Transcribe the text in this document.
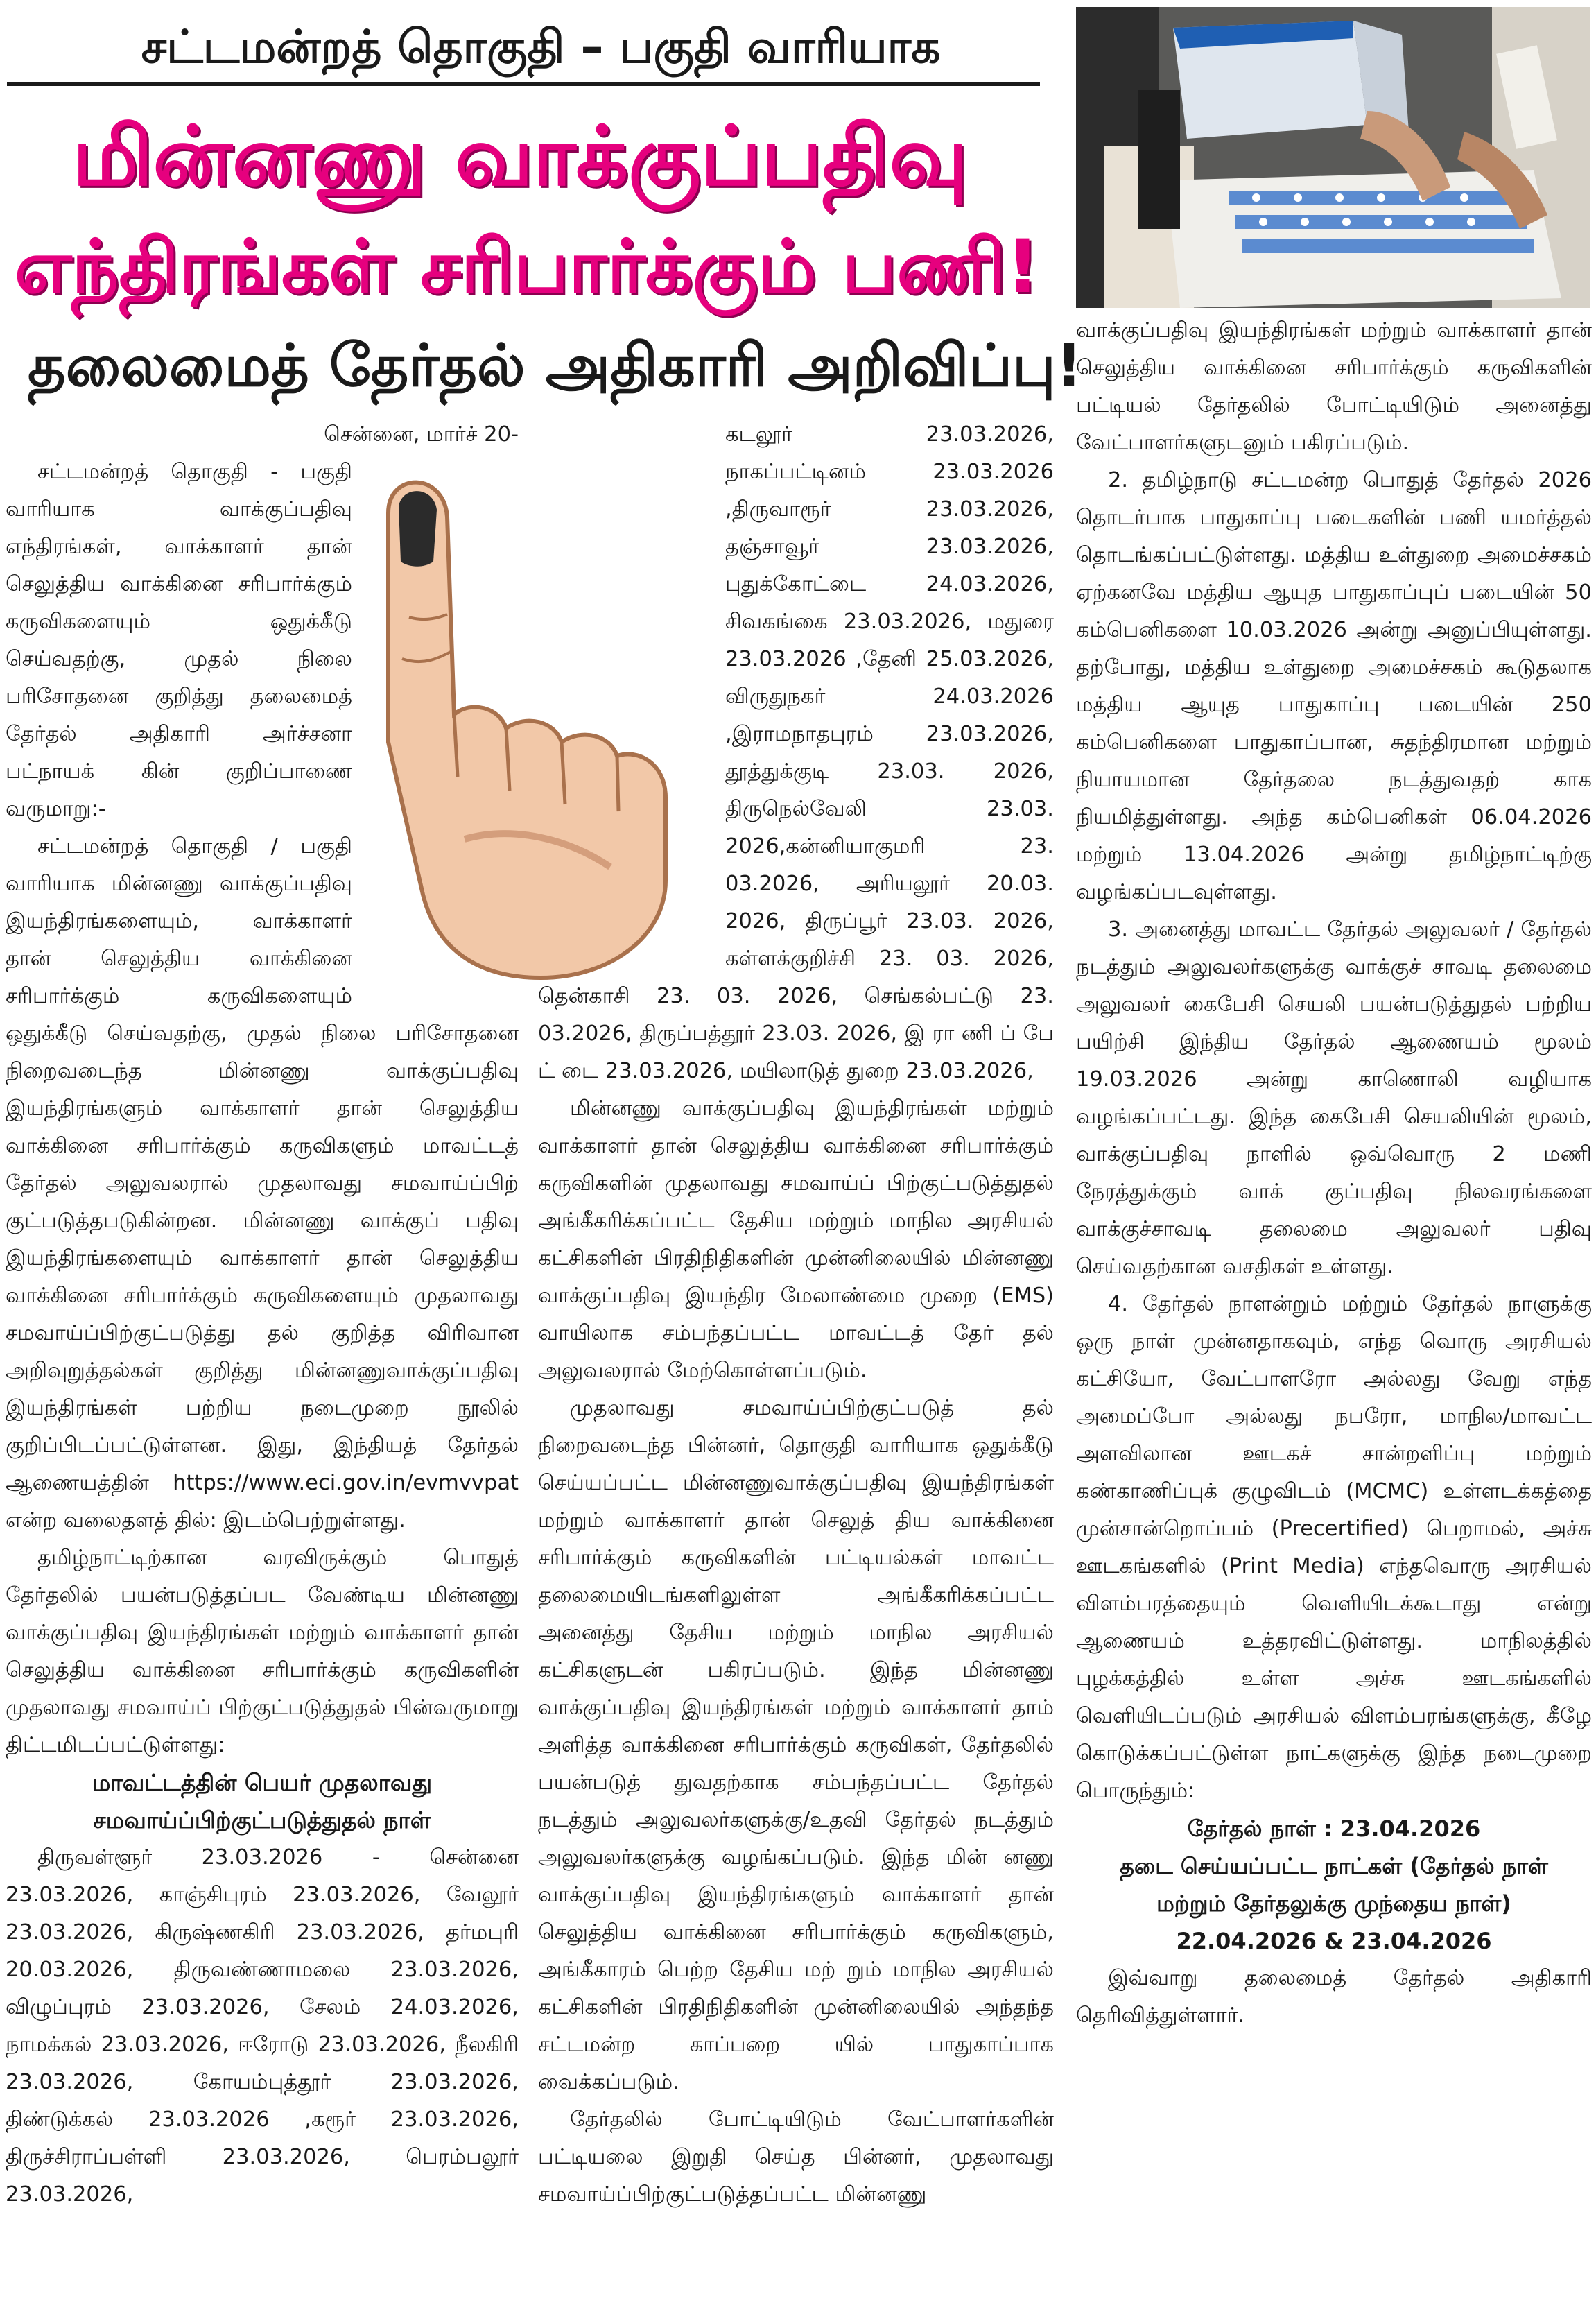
சட்டமன்றத் தொகுதி – பகுதி வாரியாக
மின்னணு வாக்குப்பதிவு
எந்திரங்கள் சரிபார்க்கும் பணி!
தலைமைத் தேர்தல் அதிகாரி அறிவிப்பு!

சென்னை, மார்ச் 20-

சட்டமன்றத் தொகுதி - பகுதி வாரியாக வாக்குப்பதிவு எந்திரங்கள், வாக்காளர் தான் செலுத்திய வாக்கினை சரிபார்க்கும் கருவிகளையும் ஒதுக்கீடு செய்வதற்கு, முதல் நிலை பரிசோதனை குறித்து தலைமைத் தேர்தல் அதிகாரி அர்ச்சனா பட்நாயக் கின் குறிப்பாணை வருமாறு:-

சட்டமன்றத் தொகுதி / பகுதி வாரியாக மின்னணு வாக்குப்பதிவு இயந்திரங்களையும், வாக்காளர் தான் செலுத்திய வாக்கினை சரிபார்க்கும் கருவிகளையும் ஒதுக்கீடு செய்வதற்கு, முதல் நிலை பரிசோதனை நிறைவடைந்த மின்னணு வாக்குப்பதிவு இயந்திரங்களும் வாக்காளர் தான் செலுத்திய வாக்கினை சரிபார்க்கும் கருவிகளும் மாவட்டத் தேர்தல் அலுவலரால் முதலாவது சமவாய்ப்பிற் குட்படுத்தபடுகின்றன. மின்னணு வாக்குப் பதிவு இயந்திரங்களையும் வாக்காளர் தான் செலுத்திய வாக்கினை சரிபார்க்கும் கருவிகளையும் முதலாவது சமவாய்ப்பிற்குட்படுத்து தல் குறித்த விரிவான அறிவுறுத்தல்கள் குறித்து மின்னணுவாக்குப்பதிவு இயந்திரங்கள் பற்றிய நடைமுறை நூலில் குறிப்பிடப்பட்டுள்ளன. இது, இந்தியத் தேர்தல் ஆணையத்தின் https://www.eci.gov.in/evmvvpat என்ற வலைதளத் தில்: இடம்பெற்றுள்ளது.

தமிழ்நாட்டிற்கான வரவிருக்கும் பொதுத் தேர்தலில் பயன்படுத்தப்பட வேண்டிய மின்னணு வாக்குப்பதிவு இயந்திரங்கள் மற்றும் வாக்காளர் தான் செலுத்திய வாக்கினை சரிபார்க்கும் கருவிகளின் முதலாவது சமவாய்ப் பிற்குட்படுத்துதல் பின்வருமாறு திட்டமிடப்பட்டுள்ளது:

மாவட்டத்தின் பெயர் முதலாவது

சமவாய்ப்பிற்குட்படுத்துதல் நாள்

திருவள்ளூர் 23.03.2026 - சென்னை 23.03.2026, காஞ்சிபுரம் 23.03.2026, வேலூர் 23.03.2026, கிருஷ்ணகிரி 23.03.2026, தர்மபுரி 20.03.2026, திருவண்ணாமலை 23.03.2026, விழுப்புரம் 23.03.2026, சேலம் 24.03.2026, நாமக்கல் 23.03.2026, ஈரோடு 23.03.2026, நீலகிரி 23.03.2026, கோயம்புத்தூர் 23.03.2026, திண்டுக்கல் 23.03.2026 ,கரூர் 23.03.2026, திருச்சிராப்பள்ளி 23.03.2026, பெரம்பலூர் 23.03.2026,

கடலூர் 23.03.2026, நாகப்பட்டினம் 23.03.2026 ,திருவாரூர் 23.03.2026, தஞ்சாவூர் 23.03.2026, புதுக்கோட்டை 24.03.2026, சிவகங்கை 23.03.2026, மதுரை 23.03.2026 ,தேனி 25.03.2026, விருதுநகர் 24.03.2026 ,இராமநாதபுரம் 23.03.2026, தூத்துக்குடி 23.03. 2026, திருநெல்வேலி 23.03. 2026,கன்னியாகுமரி 23. 03.2026, அரியலூர் 20.03. 2026, திருப்பூர் 23.03. 2026, கள்ளக்குறிச்சி 23. 03. 2026, தென்காசி 23. 03. 2026, செங்கல்பட்டு 23. 03.2026, திருப்பத்தூர் 23.03. 2026, இ ரா ணி ப் பே ட் டை 23.03.2026, மயிலாடுத் துறை 23.03.2026,

மின்னணு வாக்குப்பதிவு இயந்திரங்கள் மற்றும் வாக்காளர் தான் செலுத்திய வாக்கினை சரிபார்க்கும் கருவிகளின் முதலாவது சமவாய்ப் பிற்குட்படுத்துதல் அங்கீகரிக்கப்பட்ட தேசிய மற்றும் மாநில அரசியல் கட்சிகளின் பிரதிநிதிகளின் முன்னிலையில் மின்னணு வாக்குப்பதிவு இயந்திர மேலாண்மை முறை (EMS) வாயிலாக சம்பந்தப்பட்ட மாவட்டத் தேர் தல் அலுவலரால் மேற்கொள்ளப்படும்.

முதலாவது சமவாய்ப்பிற்குட்படுத் தல் நிறைவடைந்த பின்னர், தொகுதி வாரியாக ஒதுக்கீடு செய்யப்பட்ட மின்னணுவாக்குப்பதிவு இயந்திரங்கள் மற்றும் வாக்காளர் தான் செலுத் திய வாக்கினை சரிபார்க்கும் கருவிகளின் பட்டியல்கள் மாவட்ட தலைமையிடங்களிலுள்ள அங்கீகரிக்கப்பட்ட அனைத்து தேசிய மற்றும் மாநில அரசியல் கட்சிகளுடன் பகிரப்படும். இந்த மின்னணு வாக்குப்பதிவு இயந்திரங்கள் மற்றும் வாக்காளர் தாம் அளித்த வாக்கினை சரிபார்க்கும் கருவிகள், தேர்தலில் பயன்படுத் துவதற்காக சம்பந்தப்பட்ட தேர்தல் நடத்தும் அலுவலர்களுக்கு/உதவி தேர்தல் நடத்தும் அலுவலர்களுக்கு வழங்கப்படும். இந்த மின் னணு வாக்குப்பதிவு இயந்திரங்களும் வாக்காளர் தான் செலுத்திய வாக்கினை சரிபார்க்கும் கருவிகளும், அங்கீகாரம் பெற்ற தேசிய மற் றும் மாநில அரசியல் கட்சிகளின் பிரதிநிதிகளின் முன்னிலையில் அந்தந்த சட்டமன்ற காப்பறை யில் பாதுகாப்பாக வைக்கப்படும்.

தேர்தலில் போட்டியிடும் வேட்பாளர்களின் பட்டியலை இறுதி செய்த பின்னர், முதலாவது சமவாய்ப்பிற்குட்படுத்தப்பட்ட மின்னணு

வாக்குப்பதிவு இயந்திரங்கள் மற்றும் வாக்காளர் தான் செலுத்திய வாக்கினை சரிபார்க்கும் கருவிகளின் பட்டியல் தேர்தலில் போட்டியிடும் அனைத்து வேட்பாளர்களுடனும் பகிரப்படும்.

2. தமிழ்நாடு சட்டமன்ற பொதுத் தேர்தல் 2026 தொடர்பாக பாதுகாப்பு படைகளின் பணி யமர்த்தல் தொடங்கப்பட்டுள்ளது. மத்திய உள்துறை அமைச்சகம் ஏற்கனவே மத்திய ஆயுத பாதுகாப்புப் படையின் 50 கம்பெனிகளை 10.03.2026 அன்று அனுப்பியுள்ளது. தற்போது, மத்திய உள்துறை அமைச்சகம் கூடுதலாக மத்திய ஆயுத பாதுகாப்பு படையின் 250 கம்பெனிகளை பாதுகாப்பான, சுதந்திரமான மற்றும் நியாயமான தேர்தலை நடத்துவதற் காக நியமித்துள்ளது. அந்த கம்பெனிகள் 06.04.2026 மற்றும் 13.04.2026 அன்று தமிழ்நாட்டிற்கு வழங்கப்படவுள்ளது.

3. அனைத்து மாவட்ட தேர்தல் அலுவலர் / தேர்தல் நடத்தும் அலுவலர்களுக்கு வாக்குச் சாவடி தலைமை அலுவலர் கைபேசி செயலி பயன்படுத்துதல் பற்றிய பயிற்சி இந்திய தேர்தல் ஆணையம் மூலம் 19.03.2026 அன்று காணொலி வழியாக வழங்கப்பட்டது. இந்த கைபேசி செயலியின் மூலம், வாக்குப்பதிவு நாளில் ஒவ்வொரு 2 மணி நேரத்துக்கும் வாக் குப்பதிவு நிலவரங்களை வாக்குச்சாவடி தலைமை அலுவலர் பதிவு செய்வதற்கான வசதிகள் உள்ளது.

4. தேர்தல் நாளன்றும் மற்றும் தேர்தல் நாளுக்கு ஒரு நாள் முன்னதாகவும், எந்த வொரு அரசியல் கட்சியோ, வேட்பாளரோ அல்லது வேறு எந்த அமைப்போ அல்லது நபரோ, மாநில/மாவட்ட அளவிலான ஊடகச் சான்றளிப்பு மற்றும் கண்காணிப்புக் குழுவிடம் (MCMC) உள்ளடக்கத்தை முன்சான்றொப்பம் (Precertified) பெறாமல், அச்சு ஊடகங்களில் (Print Media) எந்தவொரு அரசியல் விளம்பரத்தையும் வெளியிடக்கூடாது என்று ஆணையம் உத்தரவிட்டுள்ளது. மாநிலத்தில் புழக்கத்தில் உள்ள அச்சு ஊடகங்களில் வெளியிடப்படும் அரசியல் விளம்பரங்களுக்கு, கீழே கொடுக்கப்பட்டுள்ள நாட்களுக்கு இந்த நடைமுறை பொருந்தும்:

தேர்தல் நாள் : 23.04.2026

தடை செய்யப்பட்ட நாட்கள் (தேர்தல் நாள்

மற்றும் தேர்தலுக்கு முந்தைய நாள்)

22.04.2026 & 23.04.2026

இவ்வாறு தலைமைத் தேர்தல் அதிகாரி தெரிவித்துள்ளார்.
